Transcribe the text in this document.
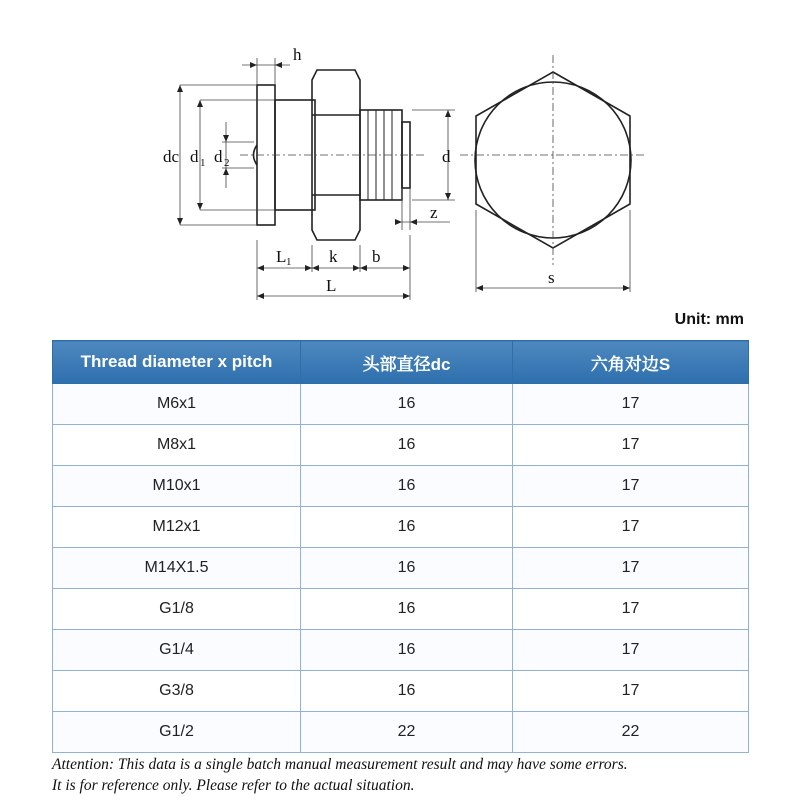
h
dc d 1 d 2	d
z
L 1 k b
L	s
Unit: mm
Thread diameter x pitch	头部直径dc	六角对边S
M6x1	16	17
M8x1	16	17
M10x1	16	17
M12x1	16	17
M14X1.5	16	17
G1/8	16	17
G1/4	16	17
G3/8	16	17
G1/2	22	22

Attention: This data is a single batch manual measurement result and may have some errors.

It is for reference only. Please refer to the actual situation.
